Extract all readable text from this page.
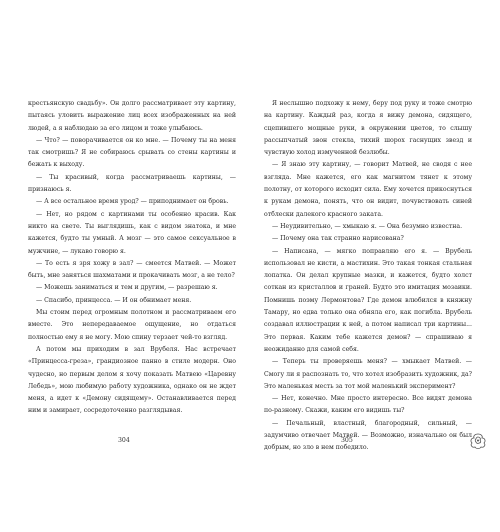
крестьянскую свадьбу». Он долго рассматривает эту картину, пытаясь уловить выражение лиц всех изображенных на ней людей, а я наблюдаю за его лицом и тоже улыбаюсь.

— Что? — поворачивается он ко мне. — Почему ты на меня так смотришь? Я не собираюсь срывать со стены картины и бежать к выходу.

— Ты красивый, когда рассматриваешь картины, — признаюсь я.

— А все остальное время урод? — приподнимает он бровь.

— Нет, но рядом с картинами ты особенно красив. Как никто на свете. Ты выглядишь, как с видом знатока, и мне кажется, будто ты умный. А мозг — это самое сексуальное в мужчине, — лукаво говорю я.

— То есть я зря хожу в зал? — смеется Матвей. — Может быть, мне заняться шахматами и прокачивать мозг, а не тело?

— Можешь заниматься и тем и другим, — разрешаю я.

— Спасибо, принцесса. — И он обнимает меня.

Мы стоим перед огромным полотном и рассматриваем его вместе. Это непередаваемое ощущение, но отдаться полностью ему я не могу. Мою спину терзает чей-то взгляд.

А потом мы приходим в зал Врубеля. Нас встречает «Принцесса-греза», грандиозное панно в стиле модерн. Оно чудесно, но первым делом я хочу показать Матвею «Царевну Лебедь», мою любимую работу художника, однако он не ждет меня, а идет к «Демону сидящему». Останавливается перед ним и замирает, сосредоточенно разглядывая.

304

Я неслышно подхожу к нему, беру под руку и тоже смотрю на картину. Каждый раз, когда я вижу демона, сидящего, сцепившего мощные руки, в окружении цветов, то слышу рассыпчатый звон стекла, тихий шорох гаснущих звезд и чувствую холод измученной безлюбы.

— Я знаю эту картину, — говорит Матвей, не сводя с нее взгляда. Мне кажется, его как магнитом тянет к этому полотну, от которого исходит сила. Ему хочется прикоснуться к рукам демона, понять, что он видит, почувствовать синей отблески далекого красного заката.

— Неудивительно, — хмыкаю я. — Она безумно известна.

— Почему она так странно нарисована?

— Написана, — мягко поправляю его я. — Врубель использовал не кисти, а мастихин. Это такая тонкая стальная лопатка. Он делал крупные мазки, и кажется, будто холст соткан из кристаллов и граней. Будто это имитация мозаики. Помнишь поэму Лермонтова? Где демон влюбился в княжну Тамару, но едва только она обняла его, как погибла. Врубель создавал иллюстрации к ней, а потом написал три картины... Это первая. Каким тебе кажется демон? — спрашиваю я неожиданно для самой себя.

— Теперь ты проверяешь меня? — хмыкает Матвей. — Смогу ли я распознать то, что хотел изобразить художник, да? Это маленькая месть за тот мой маленький эксперимент?

— Нет, конечно. Мне просто интересно. Все видят демона по-разному. Скажи, каким его видишь ты?

— Печальный, властный, благородный, сильный, — задумчиво отвечает Матвей. — Возможно, изначально он был добрым, но зло в нем победило.

305
